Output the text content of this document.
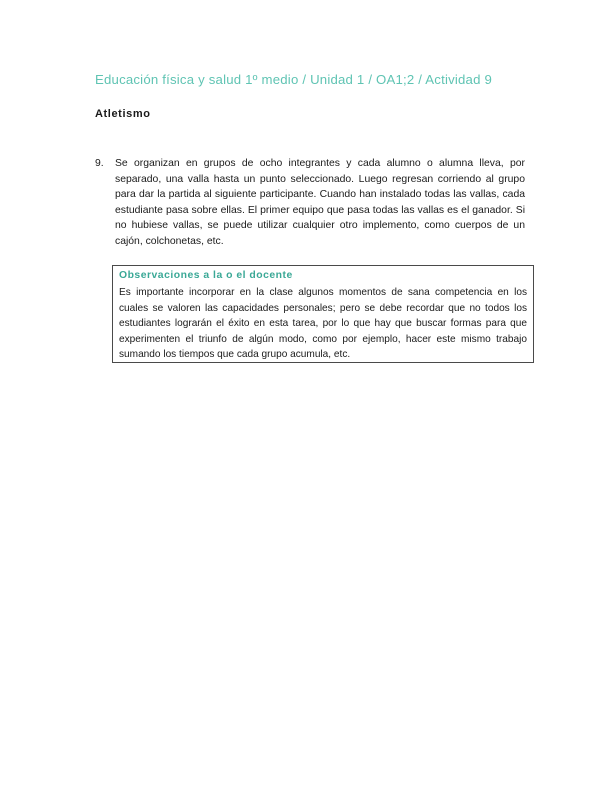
Educación física y salud 1º medio / Unidad 1 / OA1;2 / Actividad 9
Atletismo
9.	Se organizan en grupos de ocho integrantes y cada alumno o alumna lleva, por separado, una valla hasta un punto seleccionado. Luego regresan corriendo al grupo para dar la partida al siguiente participante. Cuando han instalado todas las vallas, cada estudiante pasa sobre ellas. El primer equipo que pasa todas las vallas es el ganador. Si no hubiese vallas, se puede utilizar cualquier otro implemento, como cuerpos de un cajón, colchonetas, etc.
Observaciones a la o el docente
Es importante incorporar en la clase algunos momentos de sana competencia en los cuales se valoren las capacidades personales; pero se debe recordar que no todos los estudiantes lograrán el éxito en esta tarea, por lo que hay que buscar formas para que experimenten el triunfo de algún modo, como por ejemplo, hacer este mismo trabajo sumando los tiempos que cada grupo acumula, etc.
